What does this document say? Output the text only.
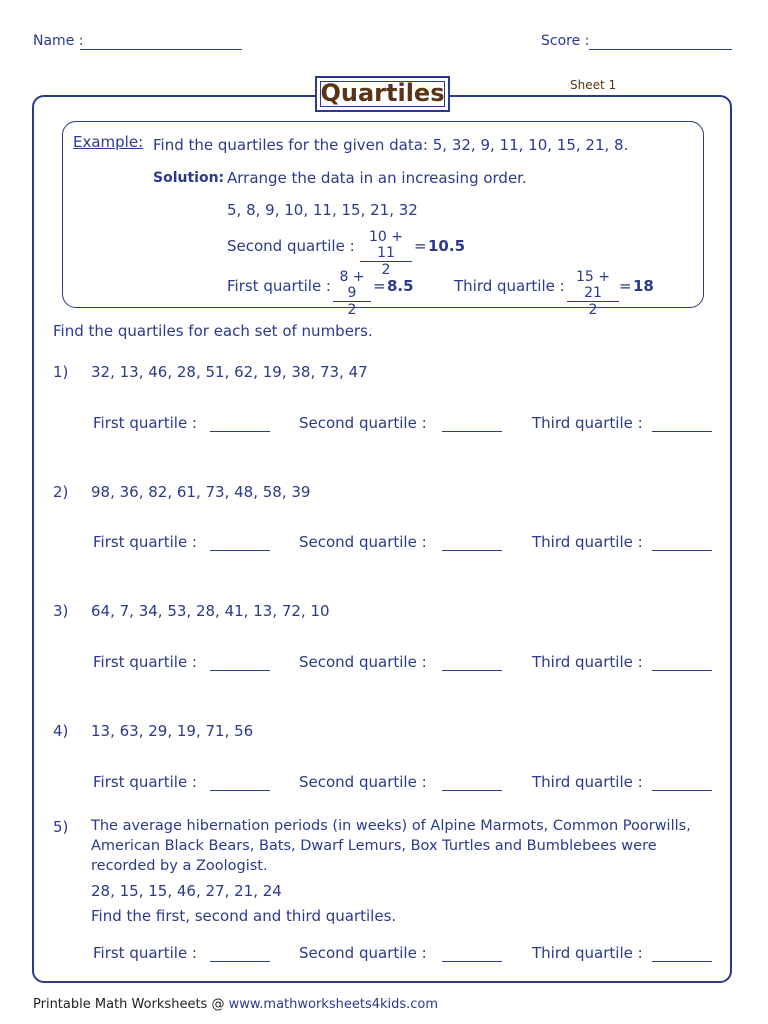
Name :	Score :
Quartiles	Sheet 1
Example: Find the quartiles for the given data: 5, 32, 9, 11, 10, 15, 21, 8.
Solution: Arrange the data in an increasing order.
5, 8, 9, 10, 11, 15, 21, 32
Second quartile : $\frac{10 + 11}{2} = 10.5$
First quartile : $\frac{8 + 9}{2} = 8.5$	Third quartile : $\frac{15 + 21}{2} = 18$
Find the quartiles for each set of numbers.
1) 32, 13, 46, 28, 51, 62, 19, 38, 73, 47
First quartile :	Second quartile :	Third quartile :
2) 98, 36, 82, 61, 73, 48, 58, 39
First quartile :	Second quartile :	Third quartile :
3) 64, 7, 34, 53, 28, 41, 13, 72, 10
First quartile :	Second quartile :	Third quartile :
4) 13, 63, 29, 19, 71, 56
First quartile :	Second quartile :	Third quartile :
5) The average hibernation periods (in weeks) of Alpine Marmots, Common Poorwills,
American Black Bears, Bats, Dwarf Lemurs, Box Turtles and Bumblebees were
recorded by a Zoologist.
28, 15, 15, 46, 27, 21, 24
Find the first, second and third quartiles.
First quartile :	Second quartile :	Third quartile :
Printable Math Worksheets @ www.mathworksheets4kids.com
